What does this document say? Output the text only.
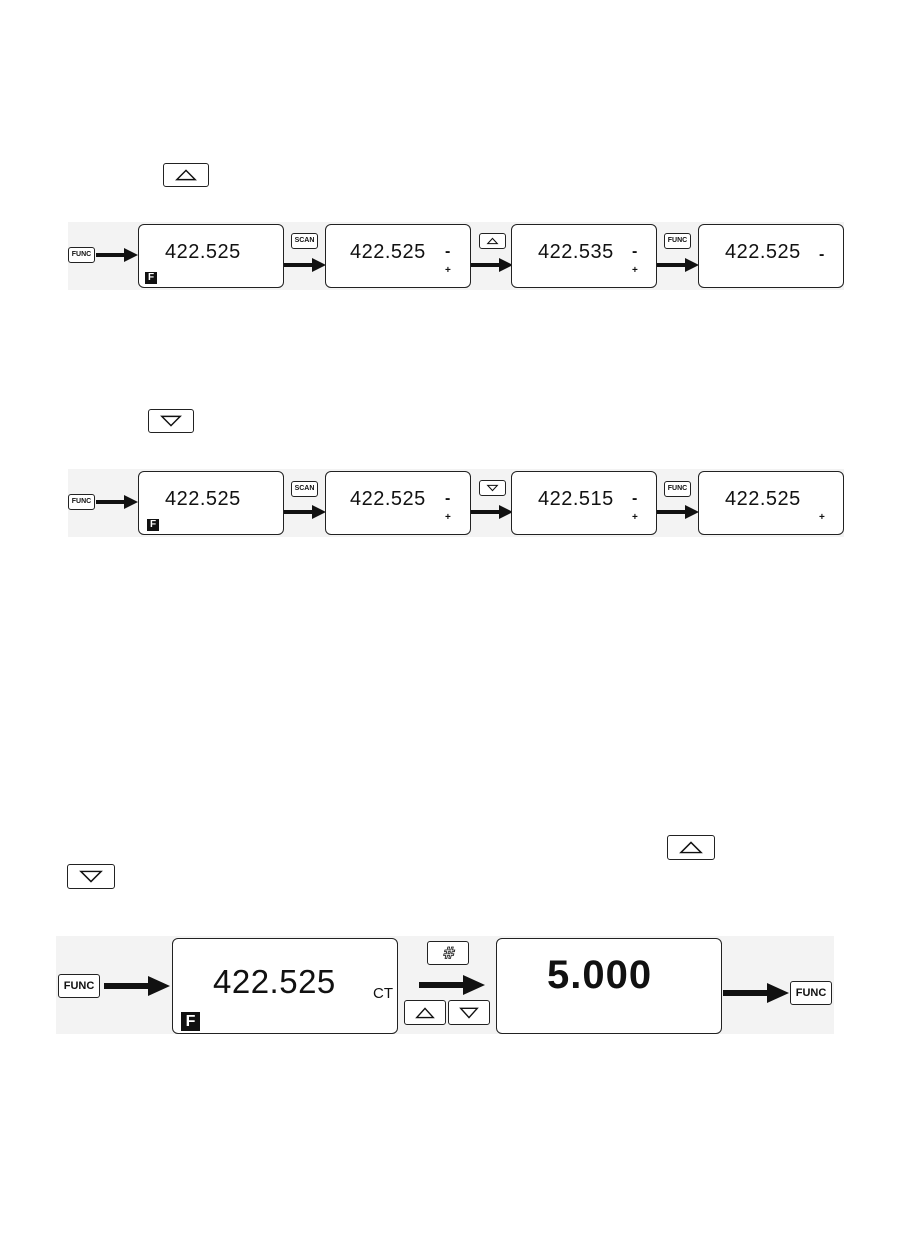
FUNC	422.525
F
SCAN
422.525 -
+
422.535 -
+
FUNC
422.525 -
FUNC	422.525
F
SCAN 422.525 -
+
422.515 -
+
FUNC 422.525
+
FUNC	422.525 CT
F
# 5.000	FUNC
